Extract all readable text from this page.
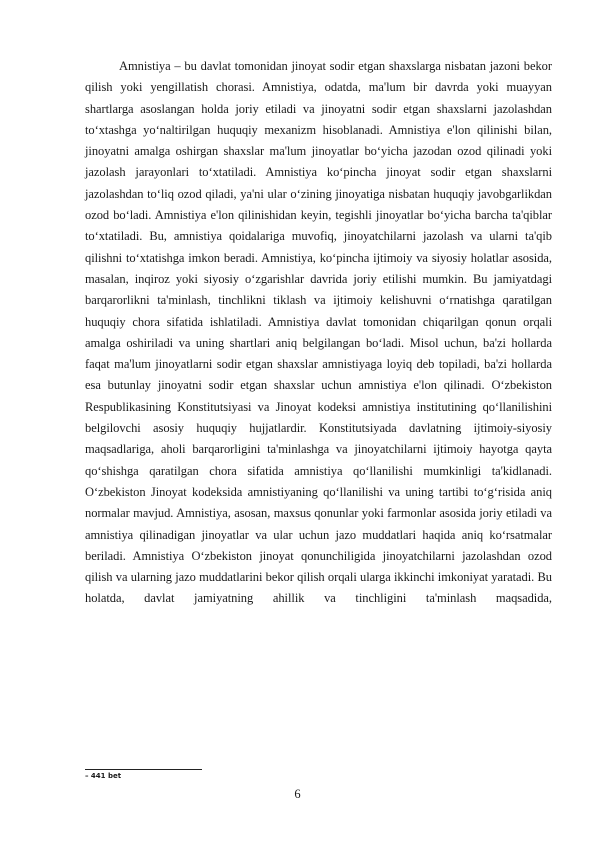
Amnistiya – bu davlat tomonidan jinoyat sodir etgan shaxslarga nisbatan jazoni bekor qilish yoki yengillatish chorasi. Amnistiya, odatda, ma'lum bir davrda yoki muayyan shartlarga asoslangan holda joriy etiladi va jinoyatni sodir etgan shaxslarni jazolashdan to‘xtashga yo‘naltirilgan huquqiy mexanizm hisoblanadi. Amnistiya e'lon qilinishi bilan, jinoyatni amalga oshirgan shaxslar ma'lum jinoyatlar bo‘yicha jazodan ozod qilinadi yoki jazolash jarayonlari to‘xtatiladi. Amnistiya ko‘pincha jinoyat sodir etgan shaxslarni jazolashdan to‘liq ozod qiladi, ya'ni ular o‘zining jinoyatiga nisbatan huquqiy javobgarlikdan ozod bo‘ladi. Amnistiya e'lon qilinishidan keyin, tegishli jinoyatlar bo‘yicha barcha ta'qiblar to‘xtatiladi. Bu, amnistiya qoidalariga muvofiq, jinoyatchilarni jazolash va ularni ta'qib qilishni to‘xtatishga imkon beradi. Amnistiya, ko‘pincha ijtimoiy va siyosiy holatlar asosida, masalan, inqiroz yoki siyosiy o‘zgarishlar davrida joriy etilishi mumkin. Bu jamiyatdagi barqarorlikni ta'minlash, tinchlikni tiklash va ijtimoiy kelishuvni o‘rnatishga qaratilgan huquqiy chora sifatida ishlatiladi. Amnistiya davlat tomonidan chiqarilgan qonun orqali amalga oshiriladi va uning shartlari aniq belgilangan bo‘ladi. Misol uchun, ba'zi hollarda faqat ma'lum jinoyatlarni sodir etgan shaxslar amnistiyaga loyiq deb topiladi, ba'zi hollarda esa butunlay jinoyatni sodir etgan shaxslar uchun amnistiya e'lon qilinadi. O‘zbekiston Respublikasining Konstitutsiyasi va Jinoyat kodeksi amnistiya institutining qo‘llanilishini belgilovchi asosiy huquqiy hujjatlardir. Konstitutsiyada davlatning ijtimoiy-siyosiy maqsadlariga, aholi barqarorligini ta'minlashga va jinoyatchilarni ijtimoiy hayotga qayta qo‘shishga qaratilgan chora sifatida amnistiya qo‘llanilishi mumkinligi ta'kidlanadi. O‘zbekiston Jinoyat kodeksida amnistiyaning qo‘llanilishi va uning tartibi to‘g‘risida aniq normalar mavjud. Amnistiya, asosan, maxsus qonunlar yoki farmonlar asosida joriy etiladi va amnistiya qilinadigan jinoyatlar va ular uchun jazo muddatlari haqida aniq ko‘rsatmalar beriladi. Amnistiya O‘zbekiston jinoyat qonunchiligida jinoyatchilarni jazolashdan ozod qilish va ularning jazo muddatlarini bekor qilish orqali ularga ikkinchi imkoniyat yaratadi. Bu holatda, davlat jamiyatning ahillik va tinchligini ta'minlash maqsadida,

– 441 bet

6
